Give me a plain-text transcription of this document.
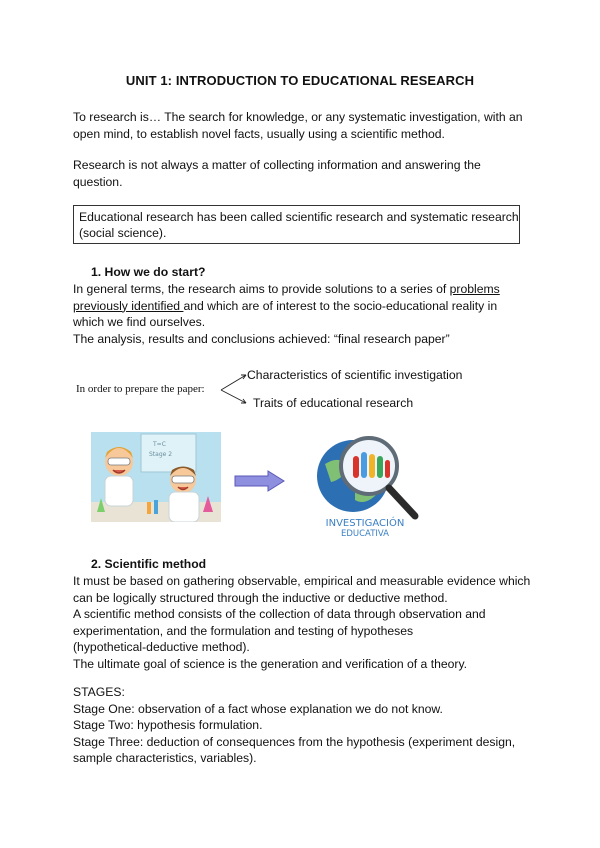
UNIT 1: INTRODUCTION TO EDUCATIONAL RESEARCH
To research is… The search for knowledge, or any systematic investigation, with an
open mind, to establish novel facts, usually using a scientific method.
Research is not always a matter of collecting information and answering the
question.
Educational research has been called scientific research and systematic research
(social science).
1. How we do start?
In general terms, the research aims to provide solutions to a series of problems
previously identified and which are of interest to the socio-educational reality in
which we find ourselves.
The analysis, results and conclusions achieved: “final research paper”
In order to prepare the paper:
Characteristics of scientific investigation
Traits of educational research
T=C
Stage 2
INVESTIGACIÓN
EDUCATIVA
2. Scientific method
It must be based on gathering observable, empirical and measurable evidence which
can be logically structured through the inductive or deductive method.
A scientific method consists of the collection of data through observation and
experimentation, and the formulation and testing of hypotheses
(hypothetical-deductive method).
The ultimate goal of science is the generation and verification of a theory.
STAGES:
Stage One: observation of a fact whose explanation we do not know.
Stage Two: hypothesis formulation.
Stage Three: deduction of consequences from the hypothesis (experiment design,
sample characteristics, variables).
